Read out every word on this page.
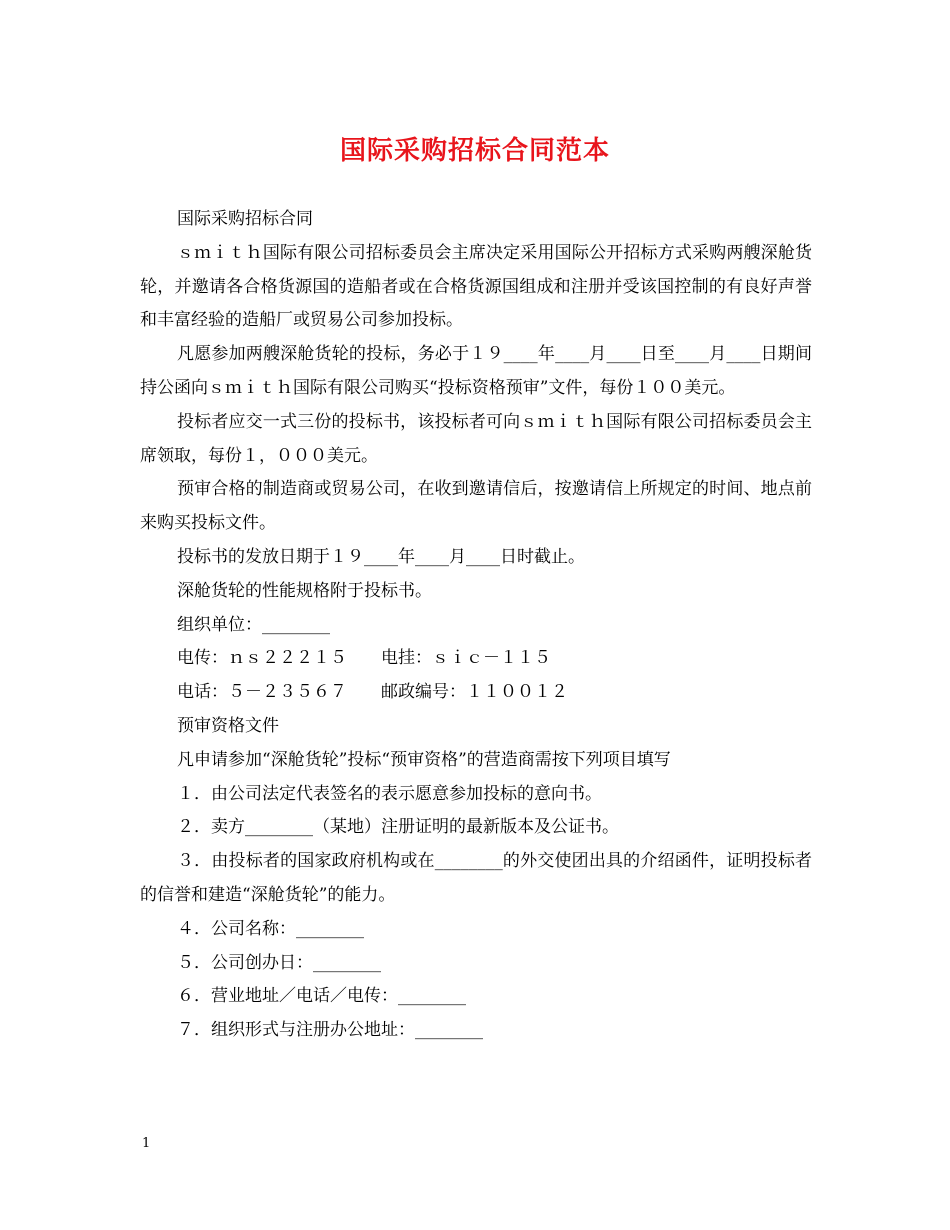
国际采购招标合同范本

国际采购招标合同

ｓｍｉｔｈ国际有限公司招标委员会主席决定采用国际公开招标方式采购两艘深舱货轮，并邀请各合格货源国的造船者或在合格货源国组成和注册并受该国控制的有良好声誉和丰富经验的造船厂或贸易公司参加投标。

凡愿参加两艘深舱货轮的投标，务必于１９____年____月____日至____月____日期间持公函向ｓｍｉｔｈ国际有限公司购买“投标资格预审”文件，每份１００美元。

投标者应交一式三份的投标书，该投标者可向ｓｍｉｔｈ国际有限公司招标委员会主席领取，每份１，０００美元。

预审合格的制造商或贸易公司，在收到邀请信后，按邀请信上所规定的时间、地点前来购买投标文件。

投标书的发放日期于１９____年____月____日时截止。

深舱货轮的性能规格附于投标书。

组织单位：________

电传：ｎｓ２２２１５　　电挂：ｓｉｃ－１１５

电话：５－２３５６７　　邮政编号：１１００１２

预审资格文件

凡申请参加“深舱货轮”投标“预审资格”的营造商需按下列项目填写

１．由公司法定代表签名的表示愿意参加投标的意向书。

２．卖方________（某地）注册证明的最新版本及公证书。

３．由投标者的国家政府机构或在________的外交使团出具的介绍函件，证明投标者的信誉和建造“深舱货轮”的能力。

４．公司名称：________

５．公司创办日：________

６．营业地址／电话／电传：________

７．组织形式与注册办公地址：________

1
